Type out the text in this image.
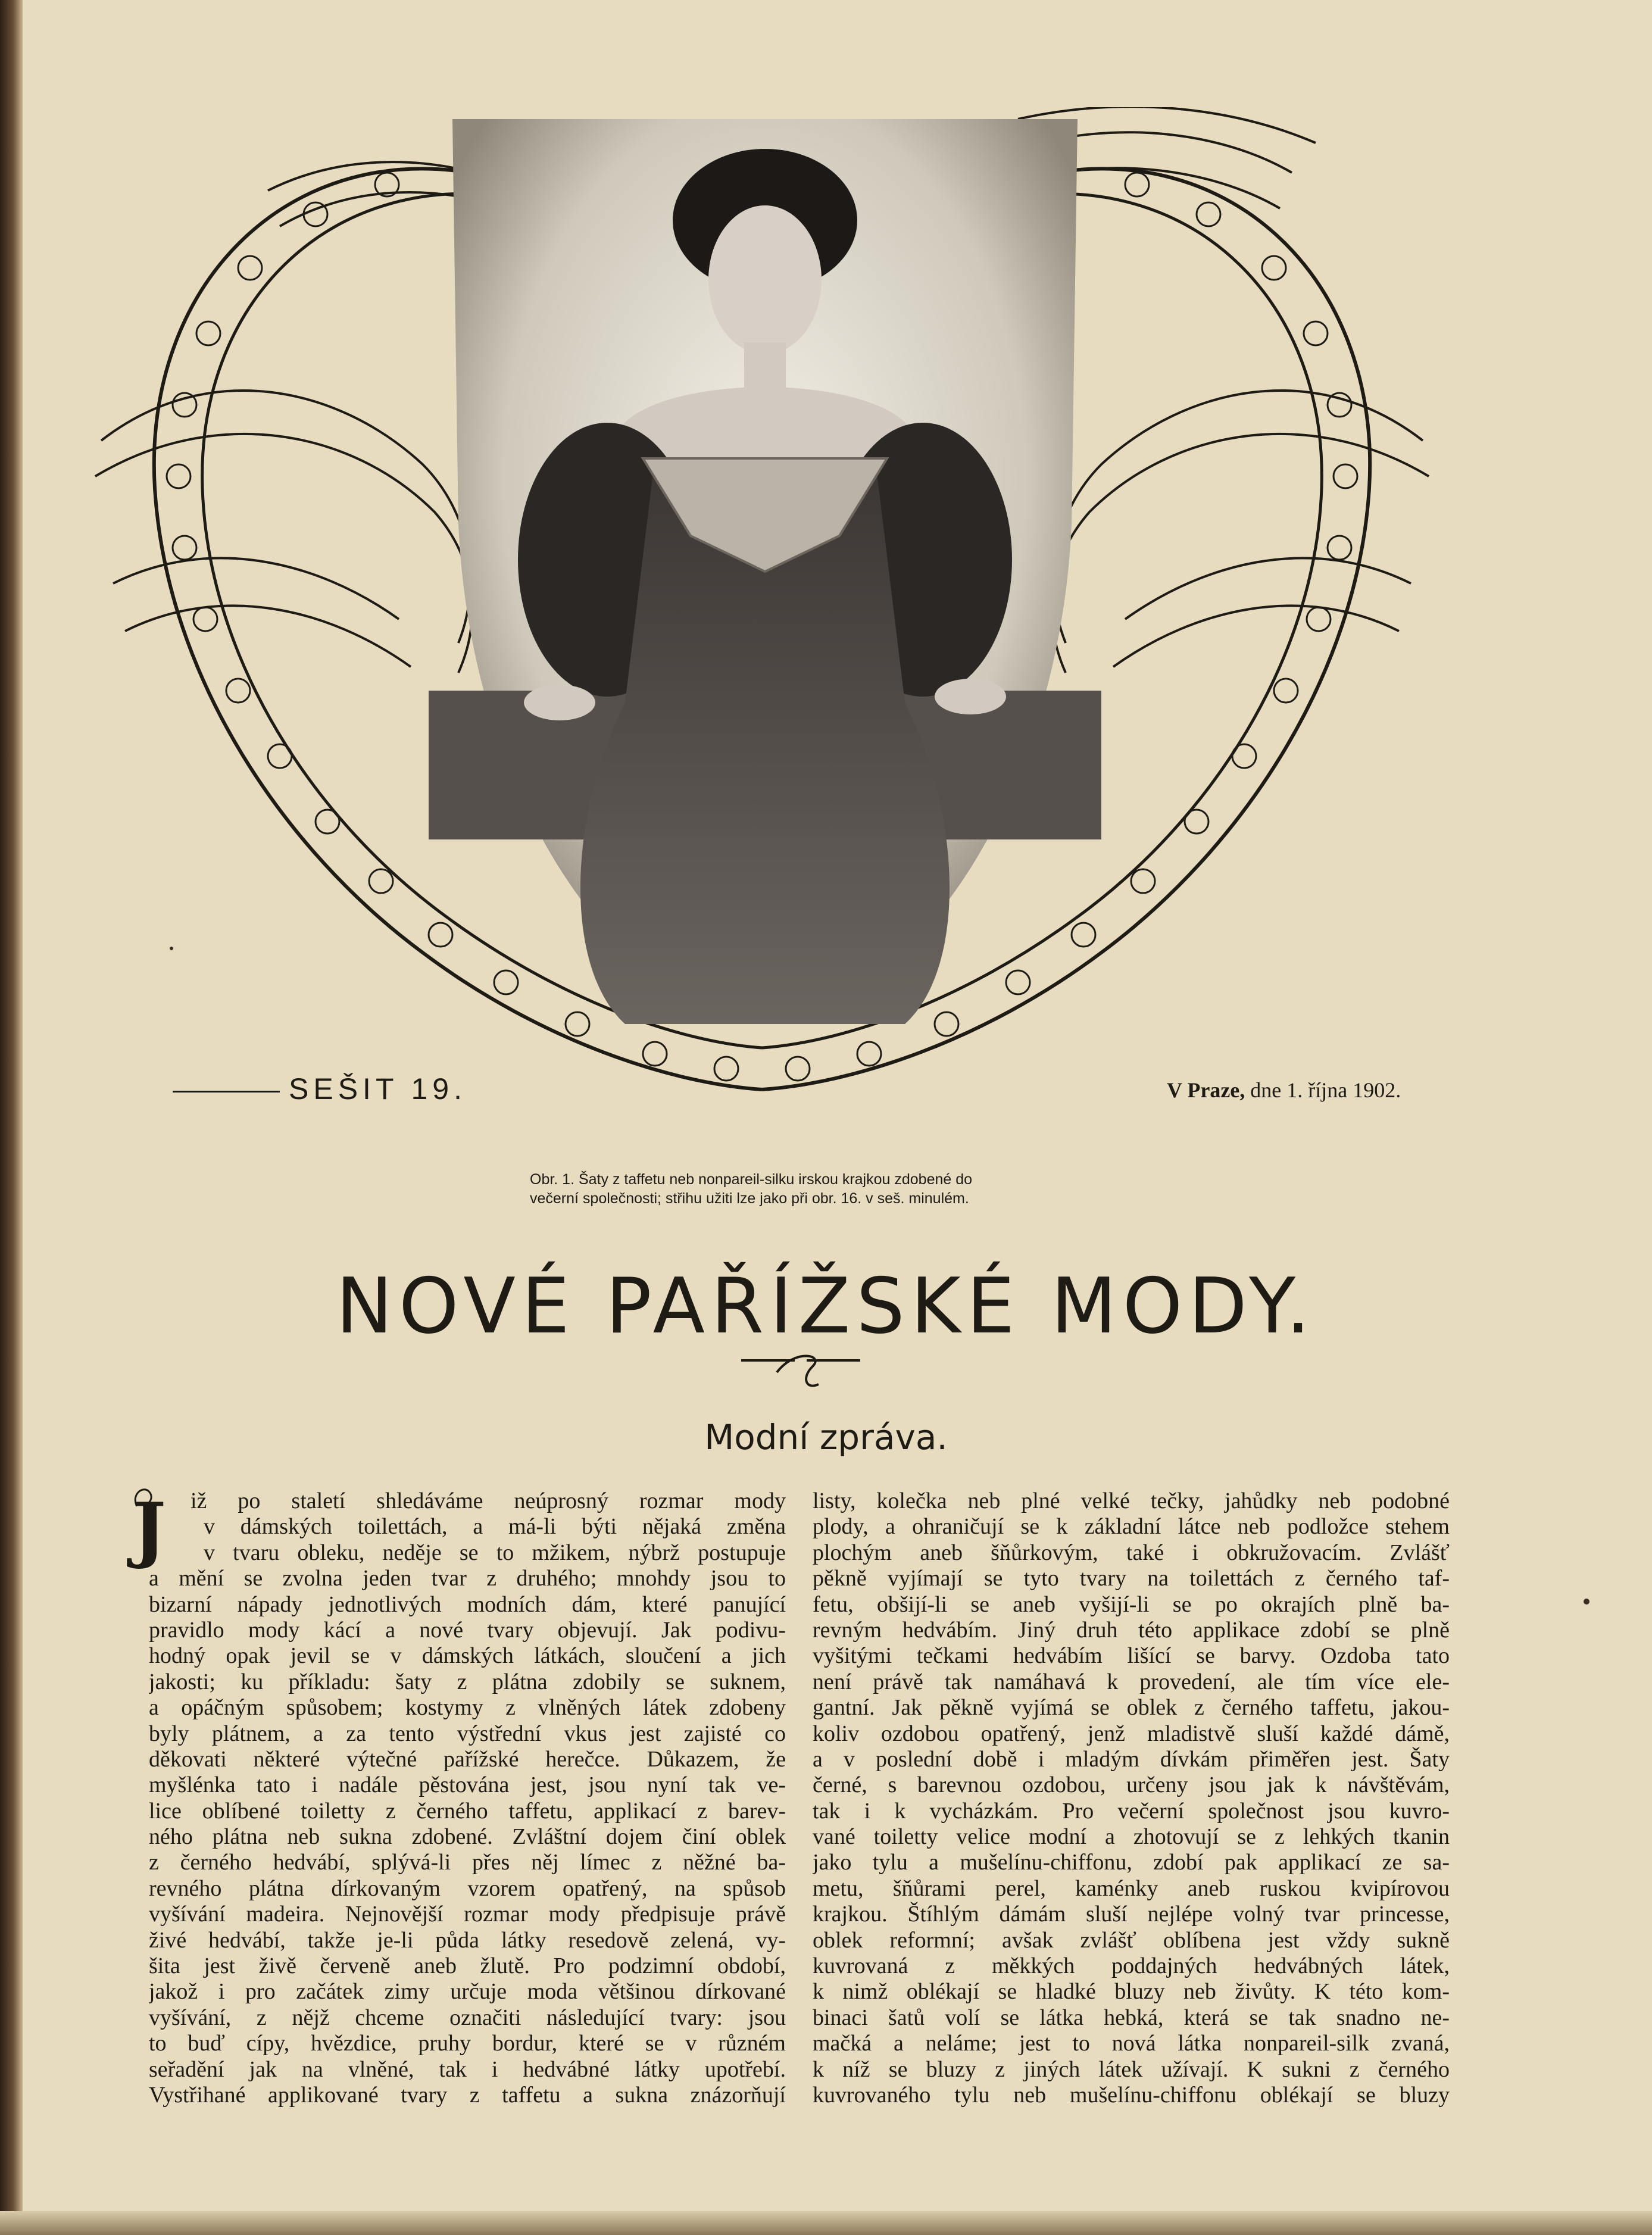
SEŠIT 19.	V Praze, dne 1. října 1902.
Obr. 1. Šaty z taffetu neb nonpareil-silku irskou krajkou zdobené do
večerní společnosti; střihu užiti lze jako při obr. 16. v seš. minulém.
NOVÉ PAŘÍŽSKÉ MODY.
Modní zpráva.
J	iž po staletí shledáváme neúprosný rozmar mody
v dámských toilettách, a má-li býti nějaká změna
v tvaru obleku, neděje se to mžikem, nýbrž postupuje
a mění se zvolna jeden tvar z druhého; mnohdy jsou to
bizarní nápady jednotlivých modních dám, které panující
pravidlo mody kácí a nové tvary objevují. Jak podivu-
hodný opak jevil se v dámských látkách, sloučení a jich
jakosti; ku příkladu: šaty z plátna zdobily se suknem,
a opáčným spůsobem; kostymy z vlněných látek zdobeny
byly plátnem, a za tento výstřední vkus jest zajisté co
děkovati některé výtečné pařížské herečce. Důkazem, že
myšlénka tato i nadále pěstována jest, jsou nyní tak ve-
lice oblíbené toiletty z černého taffetu, applikací z barev-
ného plátna neb sukna zdobené. Zvláštní dojem činí oblek
z černého hedvábí, splývá-li přes něj límec z něžné ba-
revného plátna dírkovaným vzorem opatřený, na spůsob
vyšívání madeira. Nejnovější rozmar mody předpisuje právě
živé hedvábí, takže je-li půda látky resedově zelená, vy-
šita jest živě červeně aneb žlutě. Pro podzimní období,
jakož i pro začátek zimy určuje moda většinou dírkované
vyšívání, z nějž chceme označiti následující tvary: jsou
to buď cípy, hvězdice, pruhy bordur, které se v různém
seřadění jak na vlněné, tak i hedvábné látky upotřebí.
Vystřihané applikované tvary z taffetu a sukna znázorňují
listy, kolečka neb plné velké tečky, jahůdky neb podobné
plody, a ohraničují se k základní látce neb podložce stehem
plochým aneb šňůrkovým, také i obkružovacím. Zvlášť
pěkně vyjímají se tyto tvary na toilettách z černého taf-
fetu, obšijí-li se aneb vyšijí-li se po okrajích plně ba-
revným hedvábím. Jiný druh této applikace zdobí se plně
vyšitými tečkami hedvábím lišící se barvy. Ozdoba tato
není právě tak namáhavá k provedení, ale tím více ele-
gantní. Jak pěkně vyjímá se oblek z černého taffetu, jakou-
koliv ozdobou opatřený, jenž mladistvě sluší každé dámě,
a v poslední době i mladým dívkám přiměřen jest. Šaty
černé, s barevnou ozdobou, určeny jsou jak k návštěvám,
tak i k vycházkám. Pro večerní společnost jsou kuvro-
vané toiletty velice modní a zhotovují se z lehkých tkanin
jako tylu a mušelínu-chiffonu, zdobí pak applikací ze sa-
metu, šňůrami perel, kaménky aneb ruskou kvipírovou
krajkou. Štíhlým dámám sluší nejlépe volný tvar princesse,
oblek reformní; avšak zvlášť oblíbena jest vždy sukně
kuvrovaná z měkkých poddajných hedvábných látek,
k nimž oblékají se hladké bluzy neb živůty. K této kom-
binaci šatů volí se látka hebká, která se tak snadno ne-
mačká a neláme; jest to nová látka nonpareil-silk zvaná,
k níž se bluzy z jiných látek užívají. K sukni z černého
kuvrovaného tylu neb mušelínu-chiffonu oblékají se bluzy
